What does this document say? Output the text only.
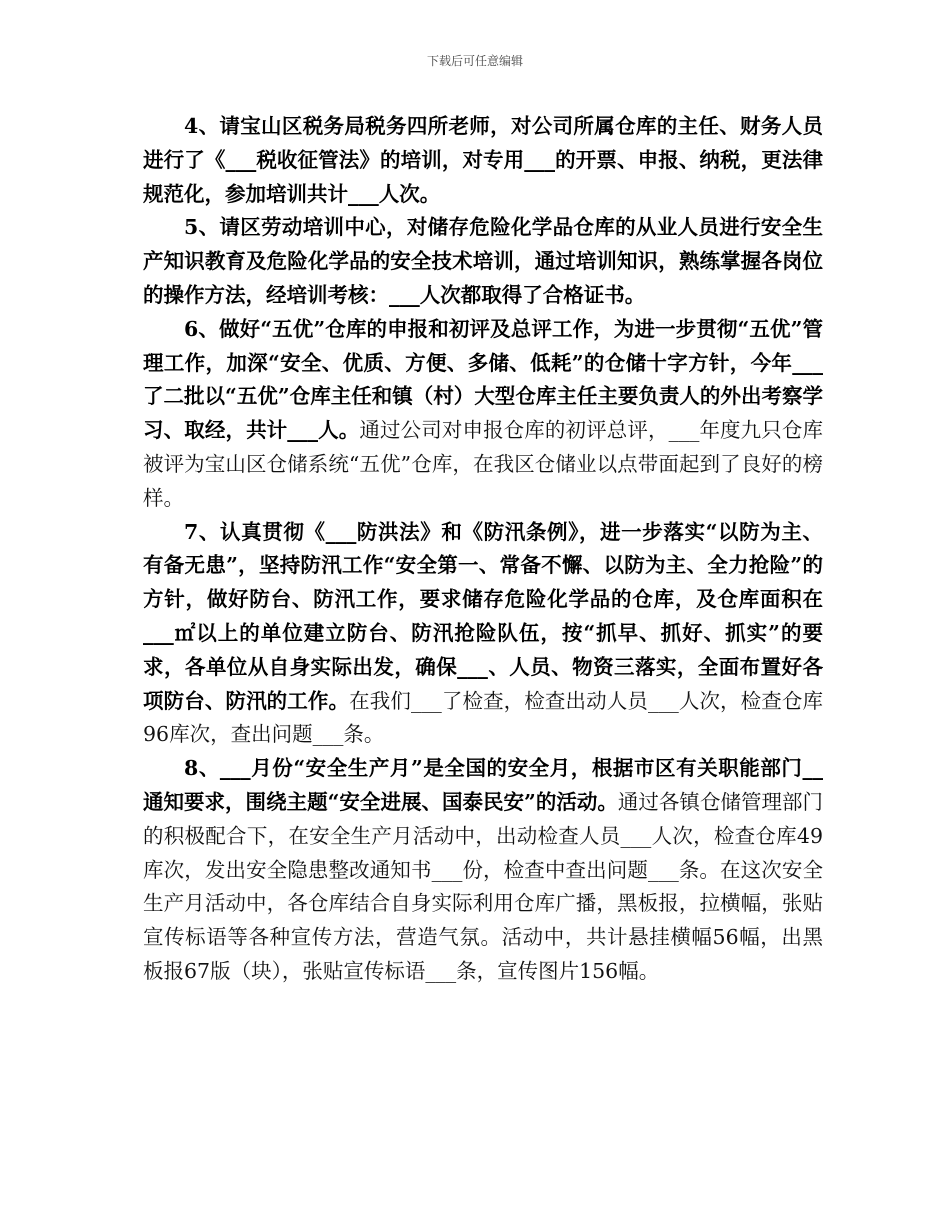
下载后可任意编辑

4、请宝山区税务局税务四所老师，对公司所属仓库的主任、财务人员进行了《___税收征管法》的培训，对专用___的开票、申报、纳税，更法律规范化，参加培训共计___人次。

5、请区劳动培训中心，对储存危险化学品仓库的从业人员进行安全生产知识教育及危险化学品的安全技术培训，通过培训知识，熟练掌握各岗位的操作方法，经培训考核：___人次都取得了合格证书。

6、做好“五优”仓库的申报和初评及总评工作，为进一步贯彻“五优”管理工作，加深“安全、优质、方便、多储、低耗”的仓储十字方针，今年___了二批以“五优”仓库主任和镇（村）大型仓库主任主要负责人的外出考察学习、取经，共计___人。通过公司对申报仓库的初评总评，___年度九只仓库被评为宝山区仓储系统“五优”仓库，在我区仓储业以点带面起到了良好的榜样。

7、认真贯彻《___防洪法》和《防汛条例》，进一步落实“以防为主、有备无患”，坚持防汛工作“安全第一、常备不懈、以防为主、全力抢险”的方针，做好防台、防汛工作，要求储存危险化学品的仓库，及仓库面积在___㎡以上的单位建立防台、防汛抢险队伍，按“抓早、抓好、抓实”的要求，各单位从自身实际出发，确保___、人员、物资三落实，全面布置好各项防台、防汛的工作。在我们___了检查，检查出动人员___人次，检查仓库96库次，查出问题___条。

8、___月份“安全生产月”是全国的安全月，根据市区有关职能部门__通知要求，围绕主题“安全进展、国泰民安”的活动。通过各镇仓储管理部门的积极配合下，在安全生产月活动中，出动检查人员___人次，检查仓库49库次，发出安全隐患整改通知书___份，检查中查出问题___条。在这次安全生产月活动中，各仓库结合自身实际利用仓库广播，黑板报，拉横幅，张贴宣传标语等各种宣传方法，营造气氛。活动中，共计悬挂横幅56幅，出黑板报67版（块），张贴宣传标语___条，宣传图片156幅。
